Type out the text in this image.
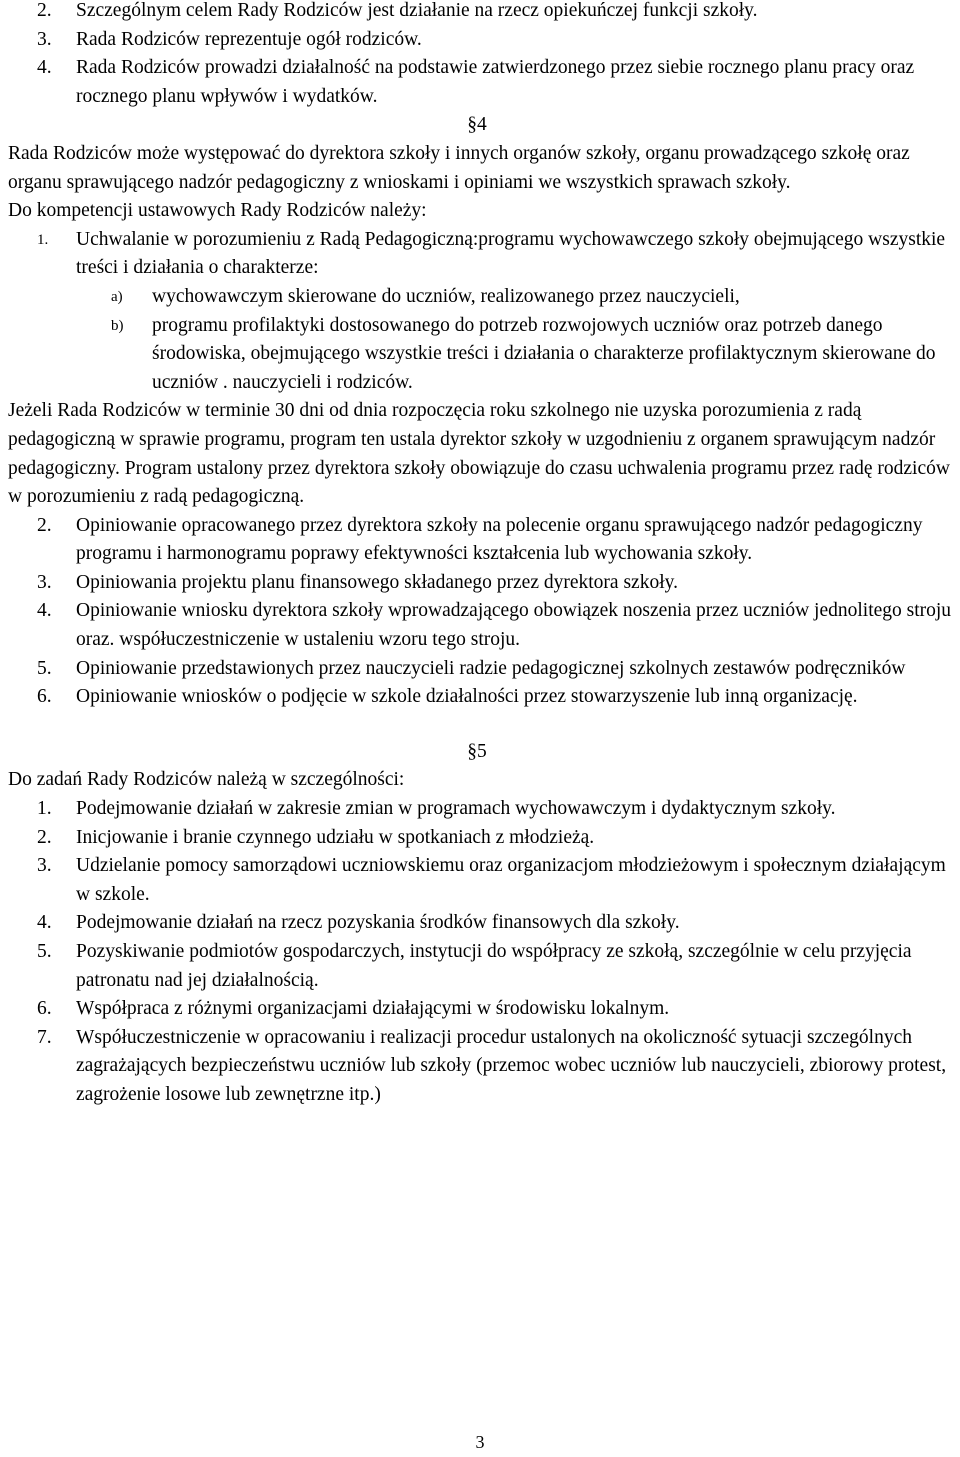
2. Szczególnym celem Rady Rodziców jest działanie na rzecz opiekuńczej funkcji szkoły.
3. Rada Rodziców reprezentuje ogół rodziców.
4. Rada Rodziców prowadzi działalność na podstawie zatwierdzonego przez siebie rocznego planu pracy oraz rocznego planu wpływów i wydatków.
§4

Rada Rodziców może występować do dyrektora szkoły i innych organów szkoły, organu prowadzącego szkołę oraz organu sprawującego nadzór pedagogiczny z wnioskami i opiniami we wszystkich sprawach szkoły.

Do kompetencji ustawowych Rady Rodziców należy:

1. Uchwalanie w porozumieniu z Radą Pedagogiczną:programu wychowawczego szkoły obejmującego wszystkie treści i działania o charakterze:
a) wychowawczym skierowane do uczniów, realizowanego przez nauczycieli,
b) programu profilaktyki dostosowanego do potrzeb rozwojowych uczniów oraz potrzeb danego środowiska, obejmującego wszystkie treści i działania o charakterze profilaktycznym skierowane do uczniów . nauczycieli i rodziców.

Jeżeli Rada Rodziców w terminie 30 dni od dnia rozpoczęcia roku szkolnego nie uzyska porozumienia z radą pedagogiczną w sprawie programu, program ten ustala dyrektor szkoły w uzgodnieniu z organem sprawującym nadzór pedagogiczny. Program ustalony przez dyrektora szkoły obowiązuje do czasu uchwalenia programu przez radę rodziców w porozumieniu z radą pedagogiczną.

2. Opiniowanie opracowanego przez dyrektora szkoły na polecenie organu sprawującego nadzór pedagogiczny programu i harmonogramu poprawy efektywności kształcenia lub wychowania szkoły.
3. Opiniowania projektu planu finansowego składanego przez dyrektora szkoły.
4. Opiniowanie wniosku dyrektora szkoły wprowadzającego obowiązek noszenia przez uczniów jednolitego stroju oraz. współuczestniczenie w ustaleniu wzoru tego stroju.
5. Opiniowanie przedstawionych przez nauczycieli radzie pedagogicznej szkolnych zestawów podręczników
6. Opiniowanie wniosków o podjęcie w szkole działalności przez stowarzyszenie lub inną organizację.
§5

Do zadań Rady Rodziców należą w szczególności:

1. Podejmowanie działań w zakresie zmian w programach wychowawczym i dydaktycznym szkoły.
2. Inicjowanie i branie czynnego udziału w spotkaniach z młodzieżą.
3. Udzielanie pomocy samorządowi uczniowskiemu oraz organizacjom młodzieżowym i społecznym działającym w szkole.
4. Podejmowanie działań na rzecz pozyskania środków finansowych dla szkoły.
5. Pozyskiwanie podmiotów gospodarczych, instytucji do współpracy ze szkołą, szczególnie w celu przyjęcia patronatu nad jej działalnością.
6. Współpraca z różnymi organizacjami działającymi w środowisku lokalnym.
7. Współuczestniczenie w opracowaniu i realizacji procedur ustalonych na okoliczność sytuacji szczególnych zagrażających bezpieczeństwu uczniów lub szkoły (przemoc wobec uczniów lub nauczycieli, zbiorowy protest, zagrożenie losowe lub zewnętrzne itp.)
3
